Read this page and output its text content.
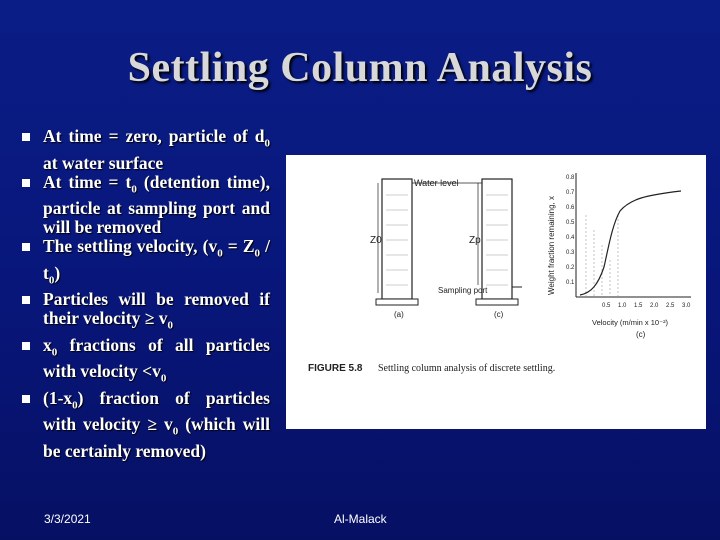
Settling Column Analysis
At time = zero, particle of $d_0$ at water surface
At time = $t_0$ (detention time), particle at sampling port and will be removed
The settling velocity, $(v_0 = Z_0 / t_0)$
Particles will be removed if their velocity ≥ $v_0$
$x_0$ fractions of all particles with velocity $<v_0$
$(1-x_0)$ fraction of particles with velocity ≥ $v_0$ (which will be certainly removed)
Water level
Z0
(a)
Zp
Sampling port
(c)
Weight fraction remaining, x
0.8
0.7
0.6
0.5
0.4
0.3
0.2
0.1
0.5 1.0 1.5 2.0 2.5 3.0
Velocity (m/min x 10⁻²)
(c)
FIGURE 5.8 Settling column analysis of discrete settling.
3/3/2021	Al-Malack
